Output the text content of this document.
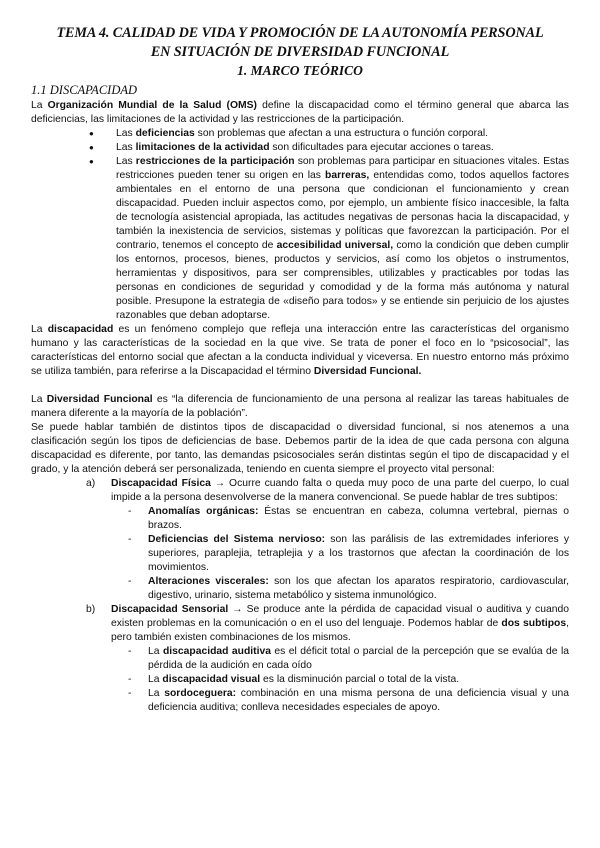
TEMA 4. CALIDAD DE VIDA Y PROMOCIÓN DE LA AUTONOMÍA PERSONAL

EN SITUACIÓN DE DIVERSIDAD FUNCIONAL

1. MARCO TEÓRICO
1.1 DISCAPACIDAD

La Organización Mundial de la Salud (OMS) define la discapacidad como el término general que abarca las deficiencias, las limitaciones de la actividad y las restricciones de la participación.

● Las deficiencias son problemas que afectan a una estructura o función corporal.
● Las limitaciones de la actividad son dificultades para ejecutar acciones o tareas.
● Las restricciones de la participación son problemas para participar en situaciones vitales. Estas restricciones pueden tener su origen en las barreras, entendidas como, todos aquellos factores ambientales en el entorno de una persona que condicionan el funcionamiento y crean discapacidad. Pueden incluir aspectos como, por ejemplo, un ambiente físico inaccesible, la falta de tecnología asistencial apropiada, las actitudes negativas de personas hacia la discapacidad, y también la inexistencia de servicios, sistemas y políticas que favorezcan la participación. Por el contrario, tenemos el concepto de accesibilidad universal, como la condición que deben cumplir los entornos, procesos, bienes, productos y servicios, así como los objetos o instrumentos, herramientas y dispositivos, para ser comprensibles, utilizables y practicables por todas las personas en condiciones de seguridad y comodidad y de la forma más autónoma y natural posible. Presupone la estrategia de «diseño para todos» y se entiende sin perjuicio de los ajustes razonables que deban adoptarse.

La discapacidad es un fenómeno complejo que refleja una interacción entre las características del organismo humano y las características de la sociedad en la que vive. Se trata de poner el foco en lo “psicosocial”, las características del entorno social que afectan a la conducta individual y viceversa. En nuestro entorno más próximo se utiliza también, para referirse a la Discapacidad el término Diversidad Funcional.

La Diversidad Funcional es “la diferencia de funcionamiento de una persona al realizar las tareas habituales de manera diferente a la mayoría de la población”.

Se puede hablar también de distintos tipos de discapacidad o diversidad funcional, si nos atenemos a una clasificación según los tipos de deficiencias de base. Debemos partir de la idea de que cada persona con alguna discapacidad es diferente, por tanto, las demandas psicosociales serán distintas según el tipo de discapacidad y el grado, y la atención deberá ser personalizada, teniendo en cuenta siempre el proyecto vital personal:

a) Discapacidad Física → Ocurre cuando falta o queda muy poco de una parte del cuerpo, lo cual impide a la persona desenvolverse de la manera convencional. Se puede hablar de tres subtipos:
- Anomalías orgánicas: Éstas se encuentran en cabeza, columna vertebral, piernas o brazos.
- Deficiencias del Sistema nervioso: son las parálisis de las extremidades inferiores y superiores, paraplejia, tetraplejia y a los trastornos que afectan la coordinación de los movimientos.
- Alteraciones viscerales: son los que afectan los aparatos respiratorio, cardiovascular, digestivo, urinario, sistema metabólico y sistema inmunológico.
b) Discapacidad Sensorial → Se produce ante la pérdida de capacidad visual o auditiva y cuando existen problemas en la comunicación o en el uso del lenguaje. Podemos hablar de dos subtipos, pero también existen combinaciones de los mismos.
- La discapacidad auditiva es el déficit total o parcial de la percepción que se evalúa de la pérdida de la audición en cada oído
- La discapacidad visual es la disminución parcial o total de la vista.
- La sordoceguera: combinación en una misma persona de una deficiencia visual y una deficiencia auditiva; conlleva necesidades especiales de apoyo.
